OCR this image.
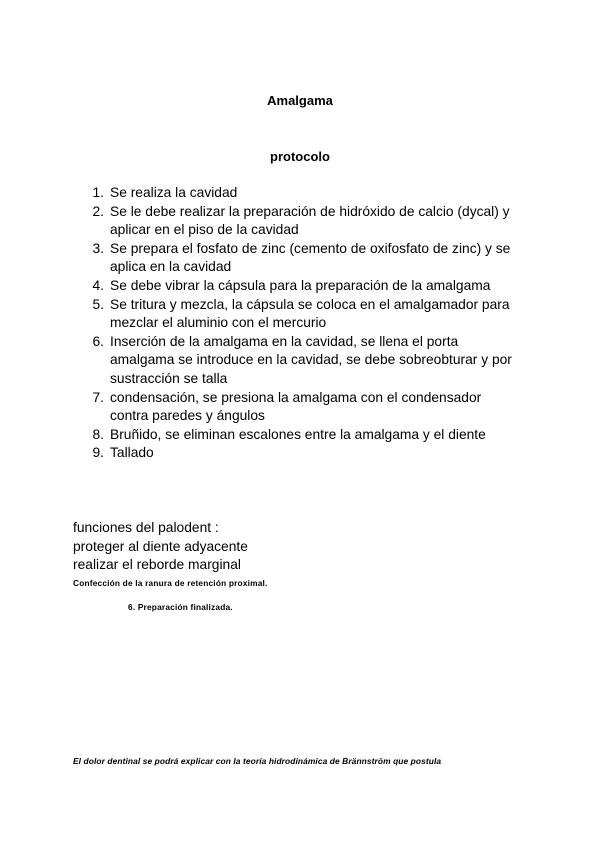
Amalgama
protocolo
1. Se realiza la cavidad
2. Se le debe realizar la preparación de hidróxido de calcio (dycal) y
aplicar en el piso de la cavidad
3. Se prepara el fosfato de zinc (cemento de oxifosfato de zinc) y se
aplica en la cavidad
4. Se debe vibrar la cápsula para la preparación de la amalgama
5. Se tritura y mezcla, la cápsula se coloca en el amalgamador para
mezclar el aluminio con el mercurio
6. Inserción de la amalgama en la cavidad, se llena el porta
amalgama se introduce en la cavidad, se debe sobreobturar y por
sustracción se talla
7. condensación, se presiona la amalgama con el condensador
contra paredes y ángulos
8. Bruñido, se eliminan escalones entre la amalgama y el diente
9. Tallado
funciones del palodent :
proteger al diente adyacente
realizar el reborde marginal
Confección de la ranura de retención proximal.
6. Preparación finalizada.
El dolor dentinal se podrá explicar con la teoría hidrodinámica de Brännström que postula
